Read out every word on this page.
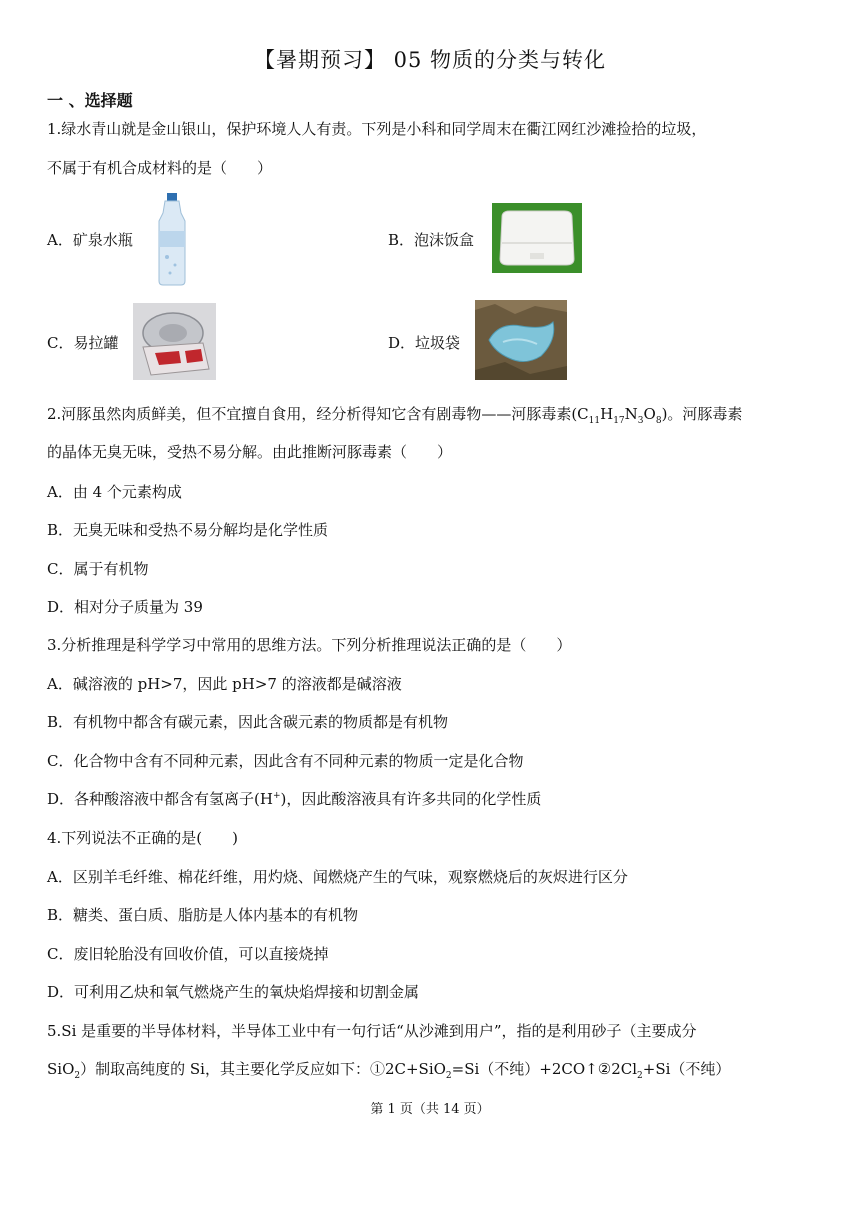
【暑期预习】 05 物质的分类与转化
一 、选择题
1.绿水青山就是金山银山，保护环境人人有责。下列是小科和同学周末在衢江网红沙滩捡拾的垃圾，
不属于有机合成材料的是（　　）
A．矿泉水瓶	B．泡沫饭盒
C．易拉罐	D．垃圾袋
2.河豚虽然肉质鲜美，但不宜擅自食用，经分析得知它含有剧毒物——河豚毒素$(C_{11}H_{17}N_3O_8)$。河豚毒素
的晶体无臭无味，受热不易分解。由此推断河豚毒素（　　）
A．由 4 个元素构成
B．无臭无味和受热不易分解均是化学性质
C．属于有机物
D．相对分子质量为 39
3.分析推理是科学学习中常用的思维方法。下列分析推理说法正确的是（　　）
A．碱溶液的 pH>7，因此 pH>7 的溶液都是碱溶液
B．有机物中都含有碳元素，因此含碳元素的物质都是有机物
C．化合物中含有不同种元素，因此含有不同种元素的物质一定是化合物
D．各种酸溶液中都含有氢离子(H+)，因此酸溶液具有许多共同的化学性质
4.下列说法不正确的是(　　)
A．区别羊毛纤维、棉花纤维，用灼烧、闻燃烧产生的气味，观察燃烧后的灰烬进行区分
B．糖类、蛋白质、脂肪是人体内基本的有机物
C．废旧轮胎没有回收价值，可以直接烧掉
D．可利用乙炔和氧气燃烧产生的氧炔焰焊接和切割金属
5.Si 是重要的半导体材料，半导体工业中有一句行话“从沙滩到用户”，指的是利用砂子（主要成分
SiO$_2$）制取高纯度的 Si，其主要化学反应如下：①2C+SiO$_2$=Si（不纯）$+2CO↑②2Cl_2+Si$（不纯）
第 1 页（共 14 页）
